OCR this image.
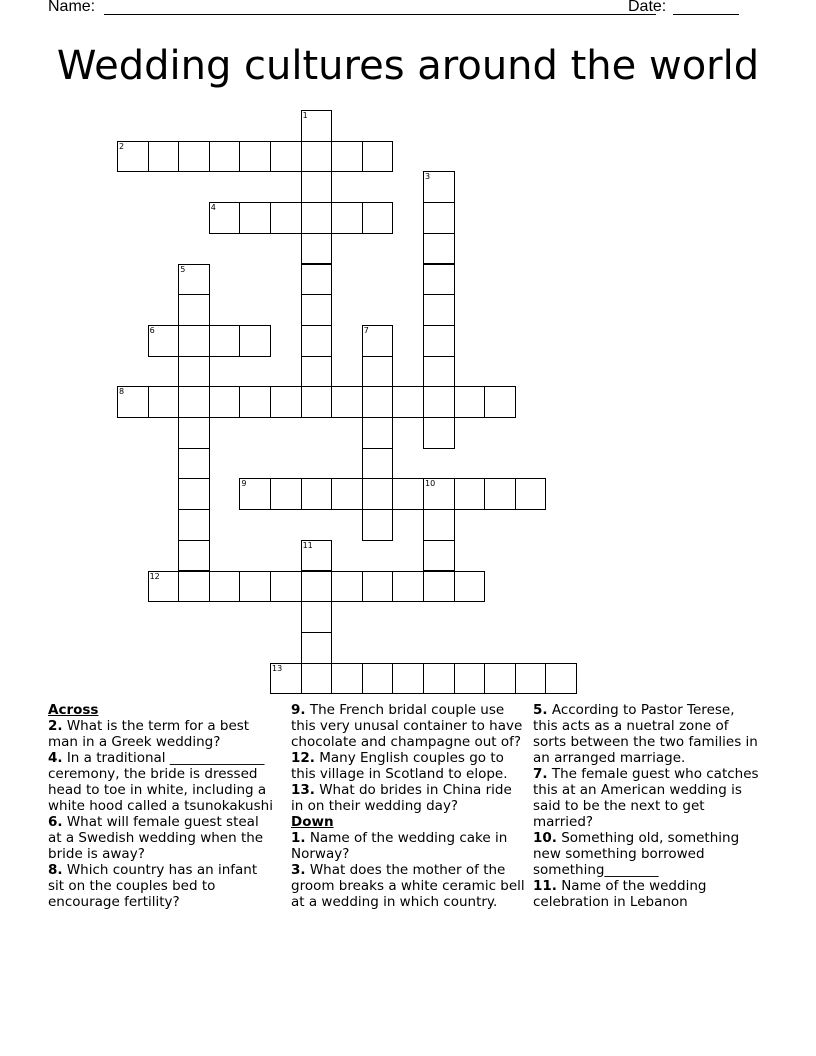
Name:	Date:
Wedding cultures around the world
2
4
6
8
9	10
12
13
1
3
5
7
11
Across
2. What is the term for a best man in a Greek wedding?
4. In a traditional ______________ ceremony, the bride is dressed head to toe in white, including a white hood called a tsunokakushi
6. What will female guest steal at a Swedish wedding when the bride is away?
8. Which country has an infant sit on the couples bed to encourage fertility?
9. The French bridal couple use this very unusal container to have chocolate and champagne out of?
12. Many English couples go to this village in Scotland to elope.
13. What do brides in China ride in on their wedding day?
Down
1. Name of the wedding cake in Norway?
3. What does the mother of the groom breaks a white ceramic bell at a wedding in which country.
5. According to Pastor Terese, this acts as a nuetral zone of sorts between the two families in an arranged marriage.
7. The female guest who catches this at an American wedding is said to be the next to get married?
10. Something old, something new something borrowed something________
11. Name of the wedding celebration in Lebanon
